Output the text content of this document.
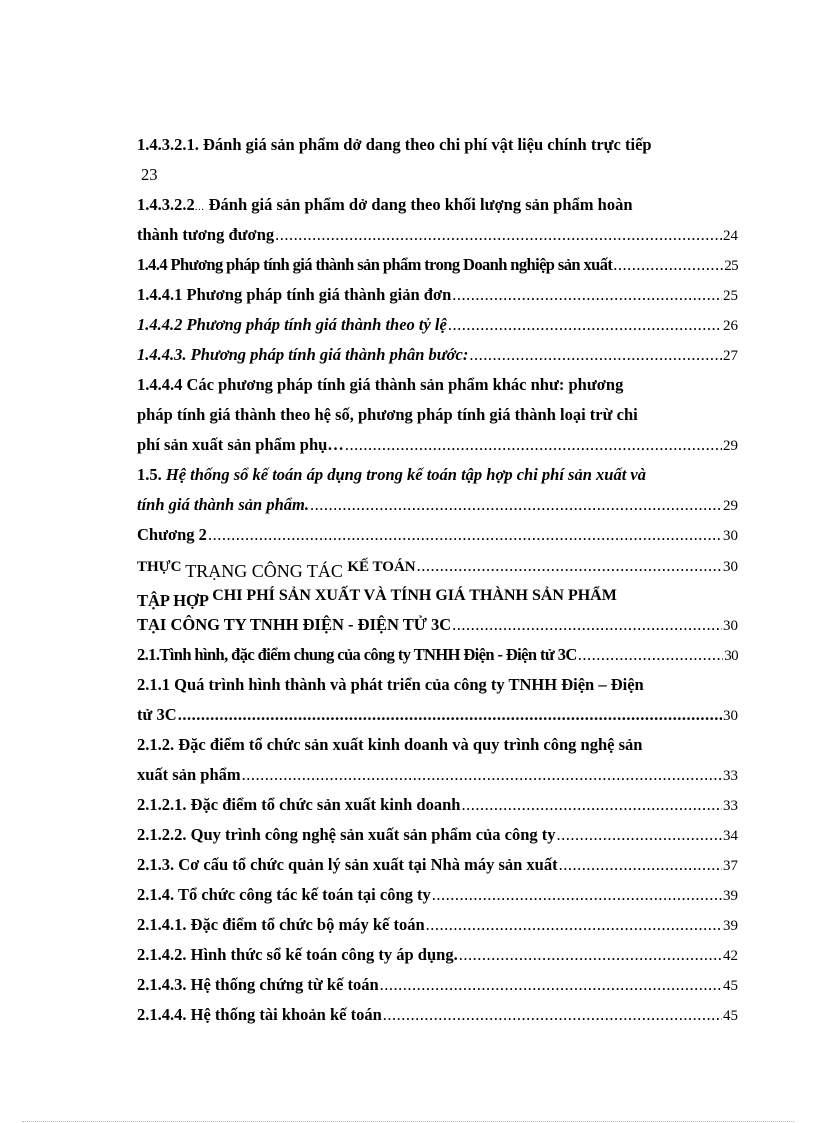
1.4.3.2.1. Đánh giá sản phẩm dở dang theo chi phí vật liệu chính trực tiếp
23
1.4.3.2.2... Đánh giá sản phẩm dở dang theo khối lượng sản phẩm hoàn
thành tương đương .....	24
1.4.4 Phương pháp tính giá thành sản phẩm trong Doanh nghiệp sản xuất .....	25
1.4.4.1 Phương pháp tính giá thành giản đơn .....	25
1.4.4.2 Phương pháp tính giá thành theo tỷ lệ .....	26
1.4.4.3. Phương pháp tính giá thành phân bước: .....	27
1.4.4.4 Các phương pháp tính giá thành sản phẩm khác như: phương
pháp tính giá thành theo hệ số, phương pháp tính giá thành loại trừ chi
phí sản xuất sản phẩm phụ… .....	29
1.5. Hệ thống sổ kế toán áp dụng trong kế toán tập hợp chi phí sản xuất và
tính giá thành sản phẩm. .....	29
Chương 2 .....	30
THỰC TRẠNG CÔNG TÁC KẾ TOÁN .....	30
TẬP HỢP CHI PHÍ SẢN XUẤT VÀ TÍNH GIÁ THÀNH SẢN PHẨM
TẠI CÔNG TY TNHH ĐIỆN - ĐIỆN TỬ 3C .....	30
2.1.Tình hình, đặc điểm chung của công ty TNHH Điện - Điện tử 3C .....	30
2.1.1 Quá trình hình thành và phát triển của công ty TNHH Điện – Điện
tử 3C .....	30
2.1.2. Đặc điểm tổ chức sản xuất kinh doanh và quy trình công nghệ sản
xuất sản phẩm .....	33
2.1.2.1. Đặc điểm tổ chức sản xuất kinh doanh .....	33
2.1.2.2. Quy trình công nghệ sản xuất sản phẩm của công ty .....	34
2.1.3. Cơ cấu tổ chức quản lý sản xuất tại Nhà máy sản xuất .....	37
2.1.4. Tổ chức công tác kế toán tại công ty .....	39
2.1.4.1. Đặc điểm tổ chức bộ máy kế toán .....	39
2.1.4.2. Hình thức sổ kế toán công ty áp dụng. .....	42
2.1.4.3. Hệ thống chứng từ kế toán .....	45
2.1.4.4. Hệ thống tài khoản kế toán .....	45
